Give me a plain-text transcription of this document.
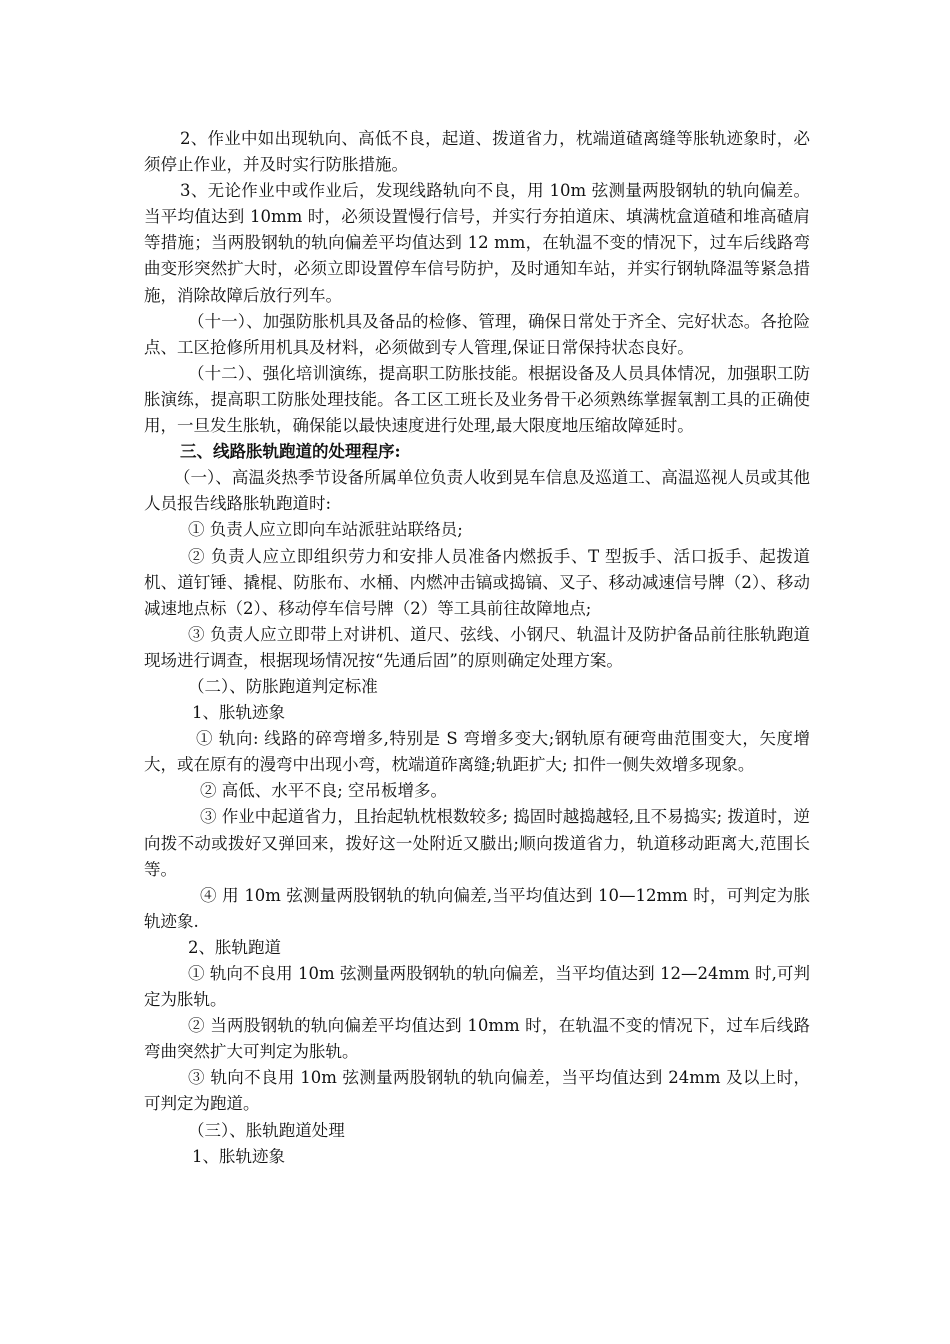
2、作业中如出现轨向、高低不良，起道、拨道省力，枕端道碴离缝等胀轨迹象时，必须停止作业，并及时实行防胀措施。

3、无论作业中或作业后，发现线路轨向不良，用 10m 弦测量两股钢轨的轨向偏差。当平均值达到 10mm 时，必须设置慢行信号，并实行夯拍道床、填满枕盒道碴和堆高碴肩等措施；当两股钢轨的轨向偏差平均值达到 12 mm，在轨温不变的情况下，过车后线路弯曲变形突然扩大时，必须立即设置停车信号防护，及时通知车站，并实行钢轨降温等紧急措施，消除故障后放行列车。

（十一）、加强防胀机具及备品的检修、管理，确保日常处于齐全、完好状态。各抢险点、工区抢修所用机具及材料，必须做到专人管理,保证日常保持状态良好。

（十二）、强化培训演练，提高职工防胀技能。根据设备及人员具体情况，加强职工防胀演练，提高职工防胀处理技能。各工区工班长及业务骨干必须熟练掌握氧割工具的正确使用，一旦发生胀轨，确保能以最快速度进行处理,最大限度地压缩故障延时。

三、线路胀轨跑道的处理程序:

（一）、高温炎热季节设备所属单位负责人收到晃车信息及巡道工、高温巡视人员或其他人员报告线路胀轨跑道时:

① 负责人应立即向车站派驻站联络员;

② 负责人应立即组织劳力和安排人员准备内燃扳手、T 型扳手、活口扳手、起拨道机、道钉锤、撬棍、防胀布、水桶、内燃冲击镐或捣镐、叉子、移动减速信号牌（2）、移动减速地点标（2）、移动停车信号牌（2）等工具前往故障地点;

③ 负责人应立即带上对讲机、道尺、弦线、小钢尺、轨温计及防护备品前往胀轨跑道现场进行调查，根据现场情况按“先通后固”的原则确定处理方案。

（二）、防胀跑道判定标准

1、胀轨迹象

① 轨向: 线路的碎弯增多,特别是 S 弯增多变大;钢轨原有硬弯曲范围变大，矢度增大，或在原有的漫弯中出现小弯，枕端道砟离缝;轨距扩大; 扣件一侧失效增多现象。

② 高低、水平不良; 空吊板增多。

③ 作业中起道省力，且抬起轨枕根数较多; 捣固时越捣越轻,且不易捣实; 拨道时，逆向拨不动或拨好又弹回来，拨好这一处附近又臌出;顺向拨道省力，轨道移动距离大,范围长等。

④ 用 10m 弦测量两股钢轨的轨向偏差,当平均值达到 10—12mm 时，可判定为胀轨迹象.

2、胀轨跑道

① 轨向不良用 10m 弦测量两股钢轨的轨向偏差，当平均值达到 12—24mm 时,可判定为胀轨。

② 当两股钢轨的轨向偏差平均值达到 10mm 时，在轨温不变的情况下，过车后线路弯曲突然扩大可判定为胀轨。

③ 轨向不良用 10m 弦测量两股钢轨的轨向偏差，当平均值达到 24mm 及以上时，可判定为跑道。

（三）、胀轨跑道处理

1、胀轨迹象
